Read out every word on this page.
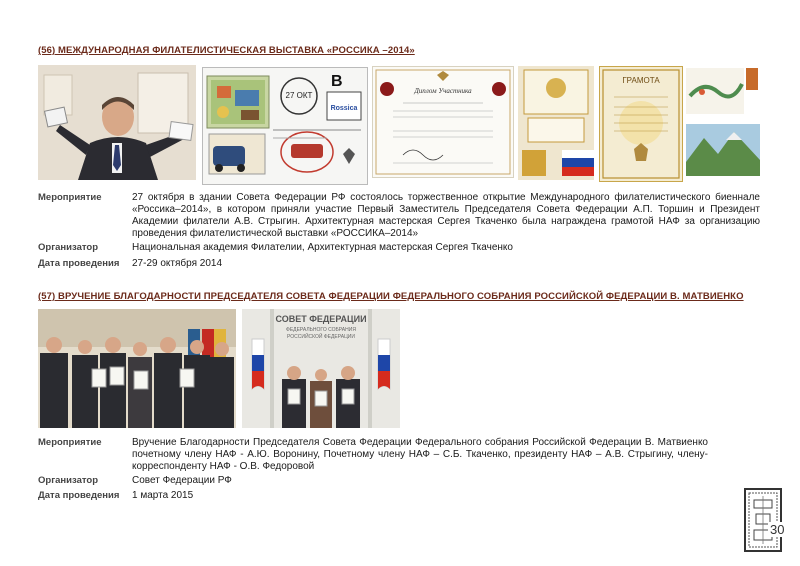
(56) МЕЖДУНАРОДНАЯ ФИЛАТЕЛИСТИЧЕСКАЯ ВЫСТАВКА «РОССИКА –2014»
27 ОКТ
В
Rossica
Диплом Участника
ГРАМОТА
Мероприятие	27 октября в здании Совета Федерации РФ состоялось торжественное открытие Международного филателистического биеннале «Россика–2014», в котором приняли участие Первый Заместитель Председателя Совета Федерации А.П. Торшин и Президент Академии филатели А.В. Стрыгин. Архитектурная мастерская Сергея Ткаченко была награждена грамотой НАФ за организацию проведения филателистической выставки «РОССИКА–2014»
Организатор	Национальная академия Филателии, Архитектурная мастерская Сергея Ткаченко
Дата проведения	27-29 октября 2014
(57) ВРУЧЕНИЕ БЛАГОДАРНОСТИ ПРЕДСЕДАТЕЛЯ СОВЕТА ФЕДЕРАЦИИ ФЕДЕРАЛЬНОГО СОБРАНИЯ РОССИЙСКОЙ ФЕДЕРАЦИИ В. МАТВИЕНКО
СОВЕТ ФЕДЕРАЦИИ
ФЕДЕРАЛЬНОГО СОБРАНИЯ
РОССИЙСКОЙ ФЕДЕРАЦИИ
Мероприятие	Вручение Благодарности Председателя Совета Федерации Федерального собрания Российской Федерации В. Матвиенко почетному члену НАФ - А.Ю. Воронину, Почетному члену НАФ – С.Б. Ткаченко, президенту НАФ – А.В. Стрыгину, члену-корреспонденту НАФ - О.В. Федоровой
Организатор	Совет Федерации РФ
Дата проведения	1 марта 2015
30
